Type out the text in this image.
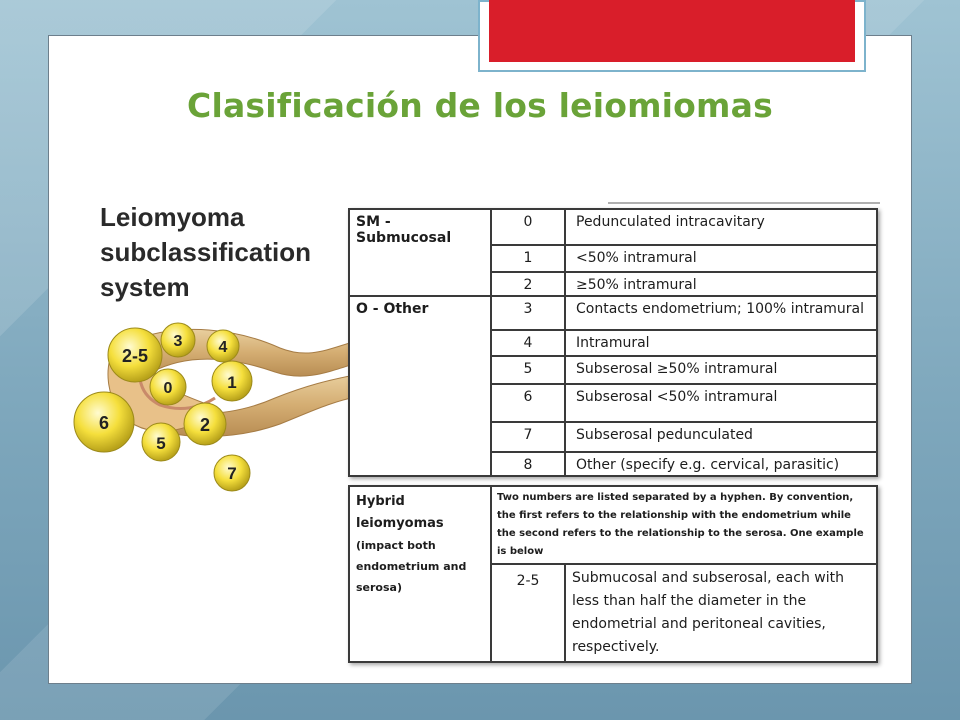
Clasificación de los leiomiomas
Leiomyoma
subclassification
system
2-5
3 4
0	1
6	2
5
7
SM - Submucosal	0	Pedunculated intracavitary

	1	<50% intramural

	2	≥50% intramural

O - Other	3	Contacts endometrium; 100% intramural

	4	Intramural

	5	Subserosal ≥50% intramural

	6	Subserosal <50% intramural

	7	Subserosal pedunculated

	8	Other (specify e.g. cervical, parasitic)
Hybrid
leiomyomas
(impact both
endometrium and
serosa)	Two numbers are listed separated by a hyphen. By convention, the first refers to the relationship with the endometrium while the second refers to the relationship to the serosa. One example is below	
	2-5	Submucosal and subserosal, each with less than half the diameter in the endometrial and peritoneal cavities, respectively.
